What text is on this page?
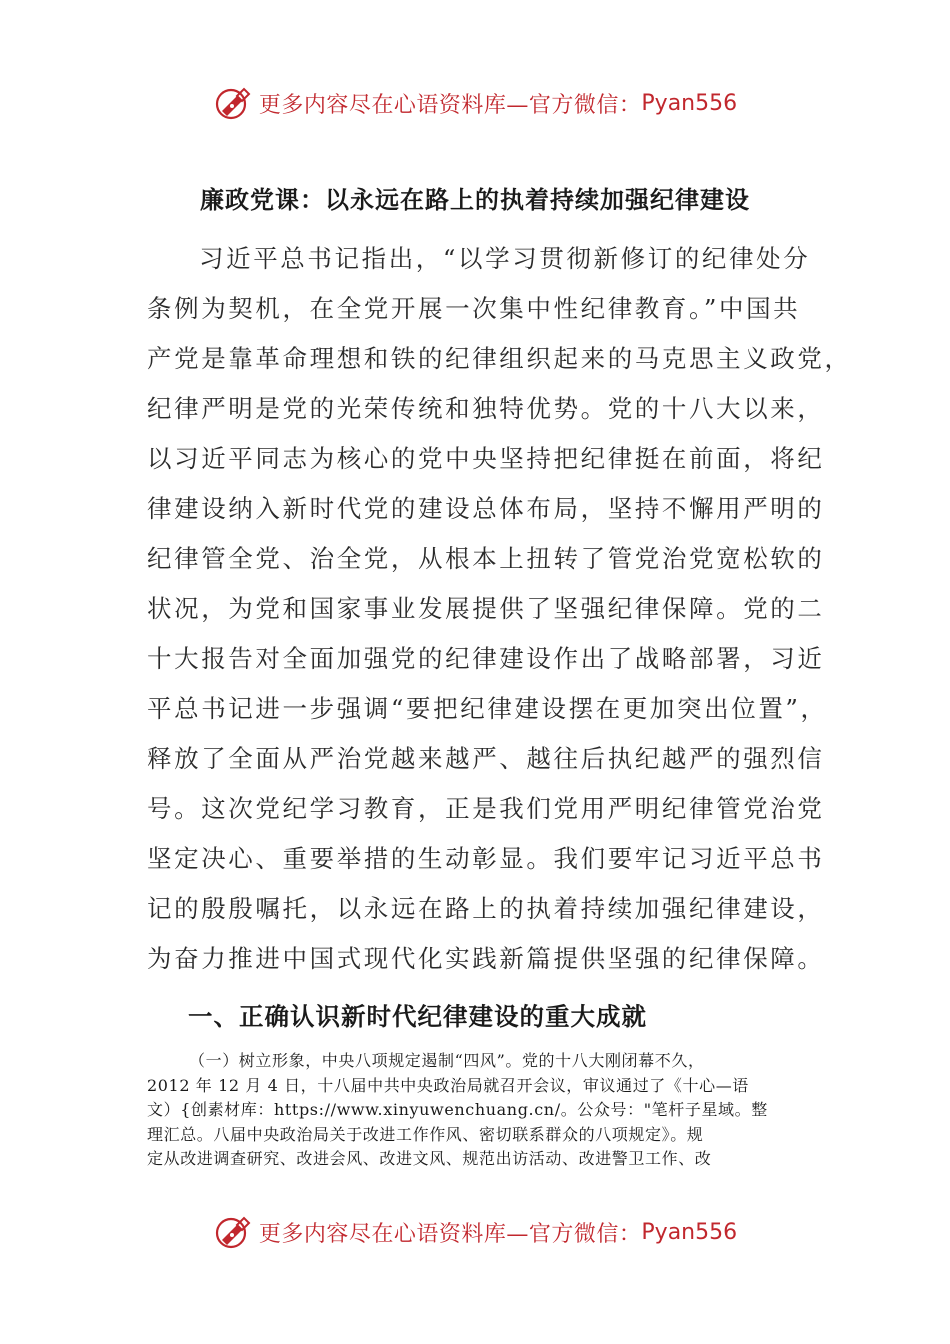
更多内容尽在心语资料库—官方微信： Pyan556
廉政党课：以永远在路上的执着持续加强纪律建设
习近平总书记指出，“以学习贯彻新修订的纪律处分
条例为契机，在全党开展一次集中性纪律教育。”中国共
产党是靠革命理想和铁的纪律组织起来的马克思主义政党，
纪律严明是党的光荣传统和独特优势。党的十八大以来，
以习近平同志为核心的党中央坚持把纪律挺在前面，将纪
律建设纳入新时代党的建设总体布局，坚持不懈用严明的
纪律管全党、治全党，从根本上扭转了管党治党宽松软的
状况，为党和国家事业发展提供了坚强纪律保障。党的二
十大报告对全面加强党的纪律建设作出了战略部署，习近
平总书记进一步强调“要把纪律建设摆在更加突出位置”，
释放了全面从严治党越来越严、越往后执纪越严的强烈信
号。这次党纪学习教育，正是我们党用严明纪律管党治党
坚定决心、重要举措的生动彰显。我们要牢记习近平总书
记的殷殷嘱托，以永远在路上的执着持续加强纪律建设，
为奋力推进中国式现代化实践新篇提供坚强的纪律保障。
一、正确认识新时代纪律建设的重大成就
（一）树立形象，中央八项规定遏制“四风”。党的十八大刚闭幕不久，
2012 年 12 月 4 日，十八届中共中央政治局就召开会议，审议通过了《十心—语
文）{创素材库：https://www.xinyuwenchuang.cn/。公众号："笔杆子星域。整
理汇总。八届中央政治局关于改进工作作风、密切联系群众的八项规定》。规
定从改进调查研究、改进会风、改进文风、规范出访活动、改进警卫工作、改
更多内容尽在心语资料库—官方微信： Pyan556
